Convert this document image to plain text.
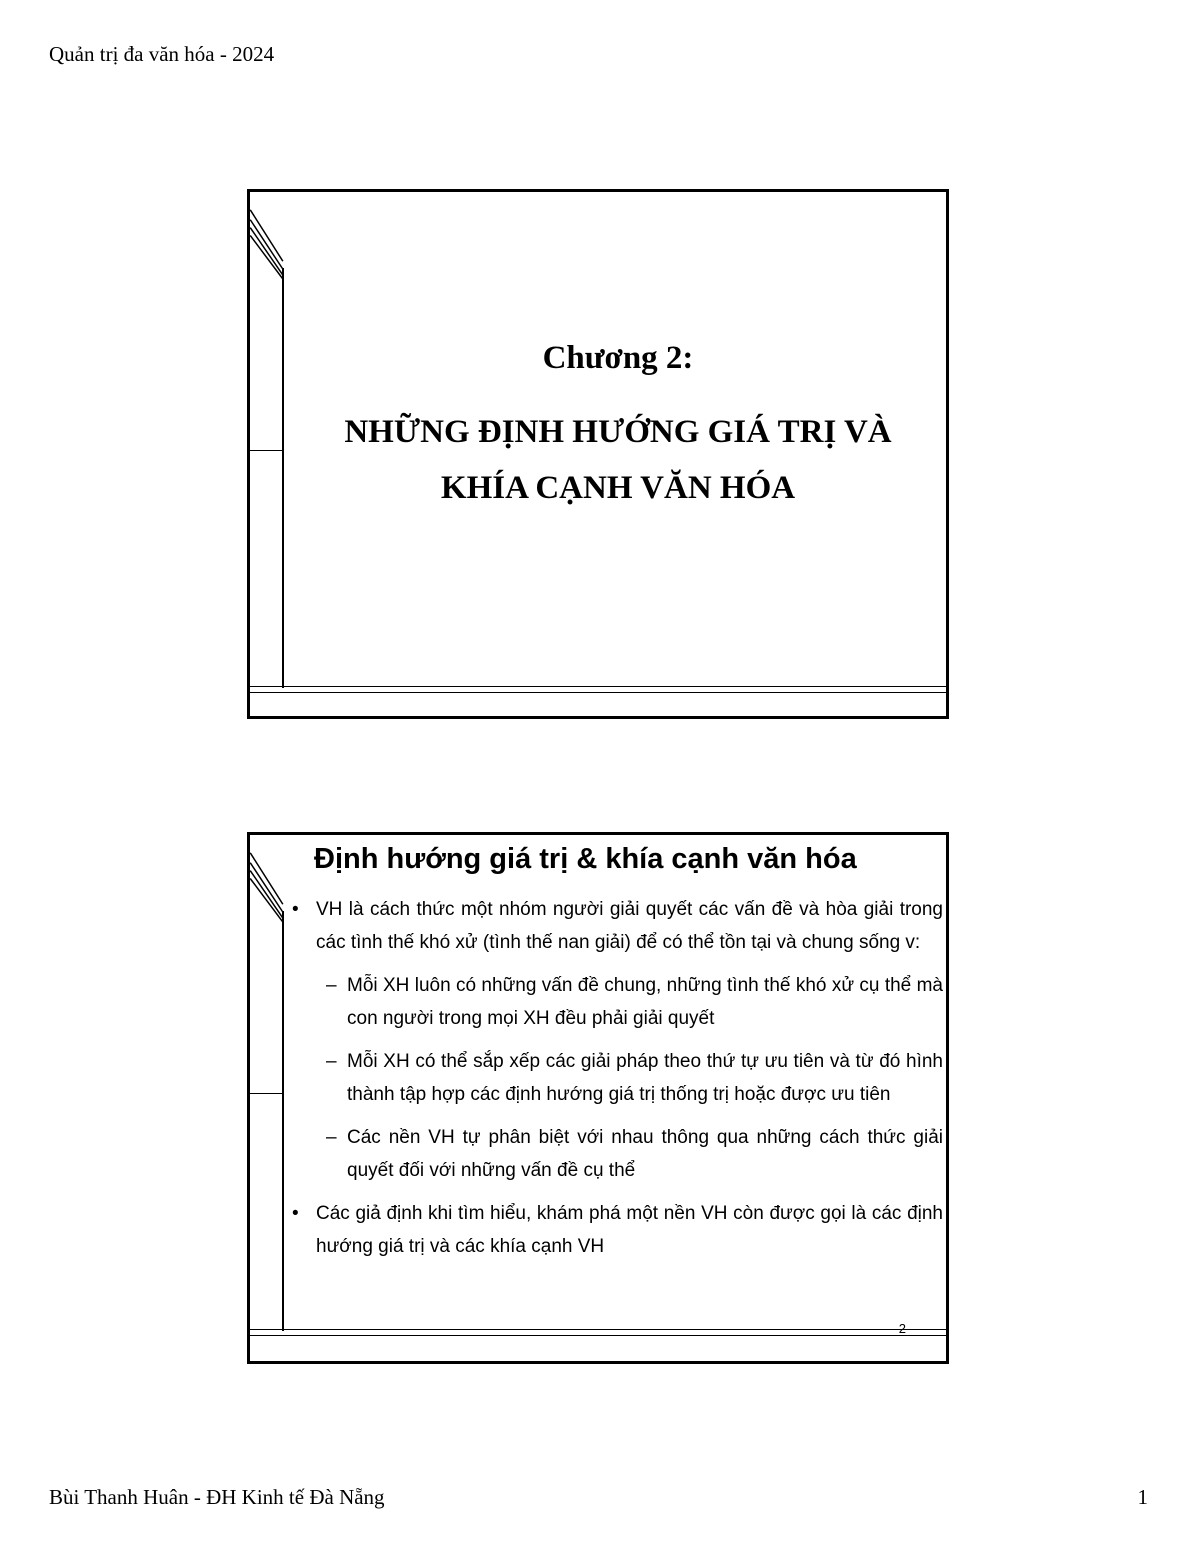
Quản trị đa văn hóa - 2024
Chương 2:
NHỮNG ĐỊNH HƯỚNG GIÁ TRỊ VÀ
KHÍA CẠNH VĂN HÓA
Định hướng giá trị & khía cạnh văn hóa
• VH là cách thức một nhóm người giải quyết các vấn đề và hòa giải trong các tình thế khó xử (tình thế nan giải) để có thể tồn tại và chung sống v:
– Mỗi XH luôn có những vấn đề chung, những tình thế khó xử cụ thể mà con người trong mọi XH đều phải giải quyết
– Mỗi XH có thể sắp xếp các giải pháp theo thứ tự ưu tiên và từ đó hình thành tập hợp các định hướng giá trị thống trị hoặc được ưu tiên
– Các nền VH tự phân biệt với nhau thông qua những cách thức giải quyết đối với những vấn đề cụ thể
• Các giả định khi tìm hiểu, khám phá một nền VH còn được gọi là các định hướng giá trị và các khía cạnh VH
2
Bùi Thanh Huân - ĐH Kinh tế Đà Nẵng	1
